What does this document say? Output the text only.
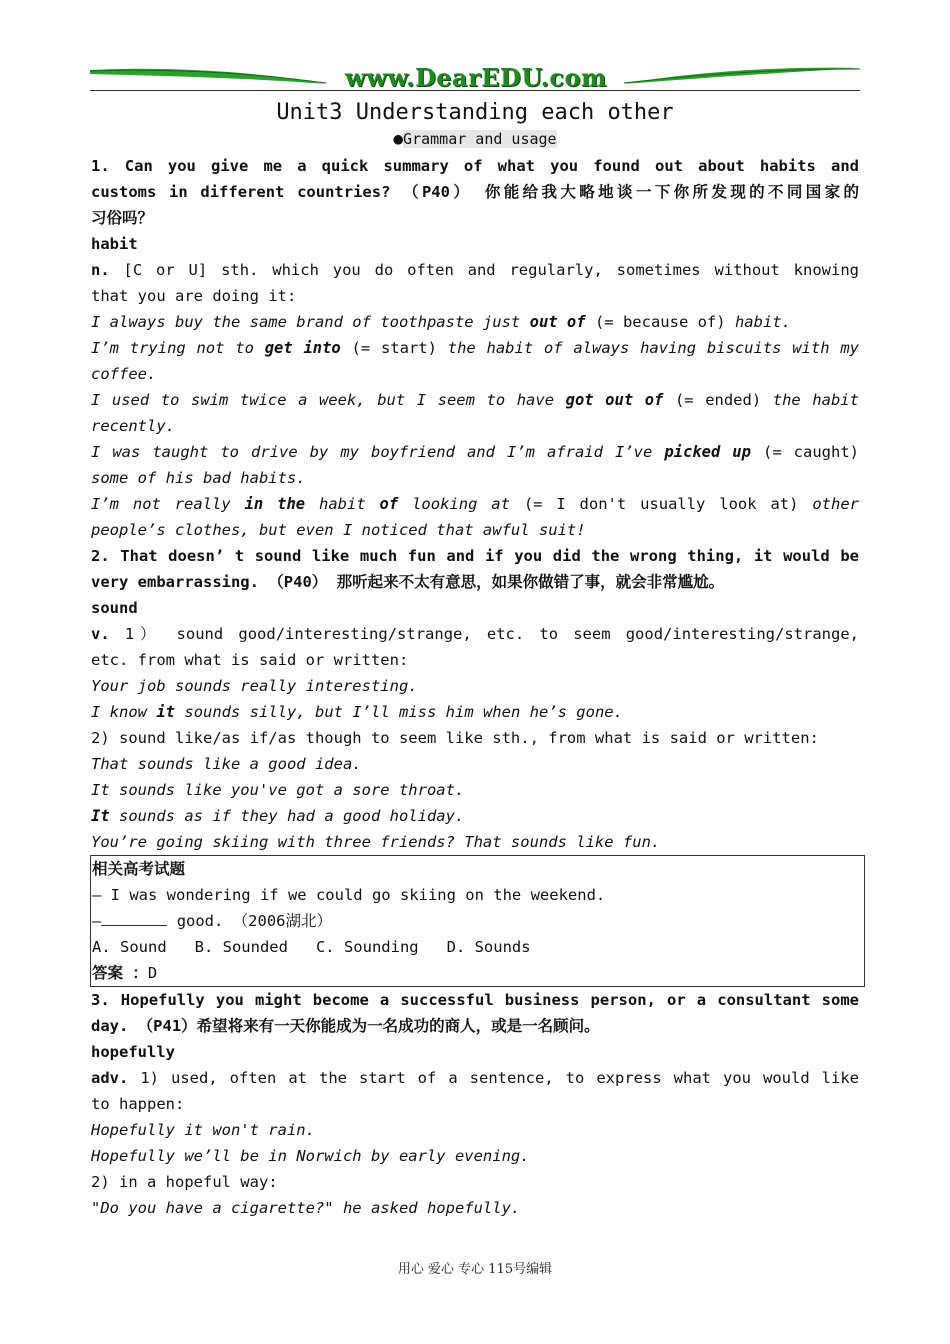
www.DearEDU.com
Unit3 Understanding each other
●Grammar and usage
1. Can you give me a quick summary of what you found out about habits and
customs in different countries? （P40） 你能给我大略地谈一下你所发现的不同国家的
习俗吗？
habit
n. [C or U] sth. which you do often and regularly, sometimes without knowing
that you are doing it:
I always buy the same brand of toothpaste just out of (= because of) habit.
I’m trying not to get into (= start) the habit of always having biscuits with my
coffee.
I used to swim twice a week, but I seem to have got out of (= ended) the habit
recently.
I was taught to drive by my boyfriend and I’m afraid I’ve picked up (= caught)
some of his bad habits.
I’m not really in the habit of looking at (= I don't usually look at) other
people’s clothes, but even I noticed that awful suit!
2. That doesn’ t sound like much fun and if you did the wrong thing, it would be
very embarrassing. （P40） 那听起来不太有意思，如果你做错了事，就会非常尴尬。
sound
v. 1） sound good/interesting/strange, etc. to seem good/interesting/strange,
etc. from what is said or written:
Your job sounds really interesting.
I know it sounds silly, but I’ll miss him when he’s gone.
2) sound like/as if/as though to seem like sth., from what is said or written:
That sounds like a good idea.
It sounds like you've got a sore throat.
It sounds as if they had a good holiday.
You’re going skiing with three friends? That sounds like fun.
相关高考试题
— I was wondering if we could go skiing on the weekend.
—	good. （2006湖北）
A. Sound   B. Sounded   C. Sounding   D. Sounds
答案 ：D
3. Hopefully you might become a successful business person, or a consultant some
day. （P41）希望将来有一天你能成为一名成功的商人，或是一名顾问。
hopefully
adv. 1) used, often at the start of a sentence, to express what you would like
to happen:
Hopefully it won't rain.
Hopefully we’ll be in Norwich by early evening.
2) in a hopeful way:
"Do you have a cigarette?" he asked hopefully.
用心 爱心 专心 115号编辑
